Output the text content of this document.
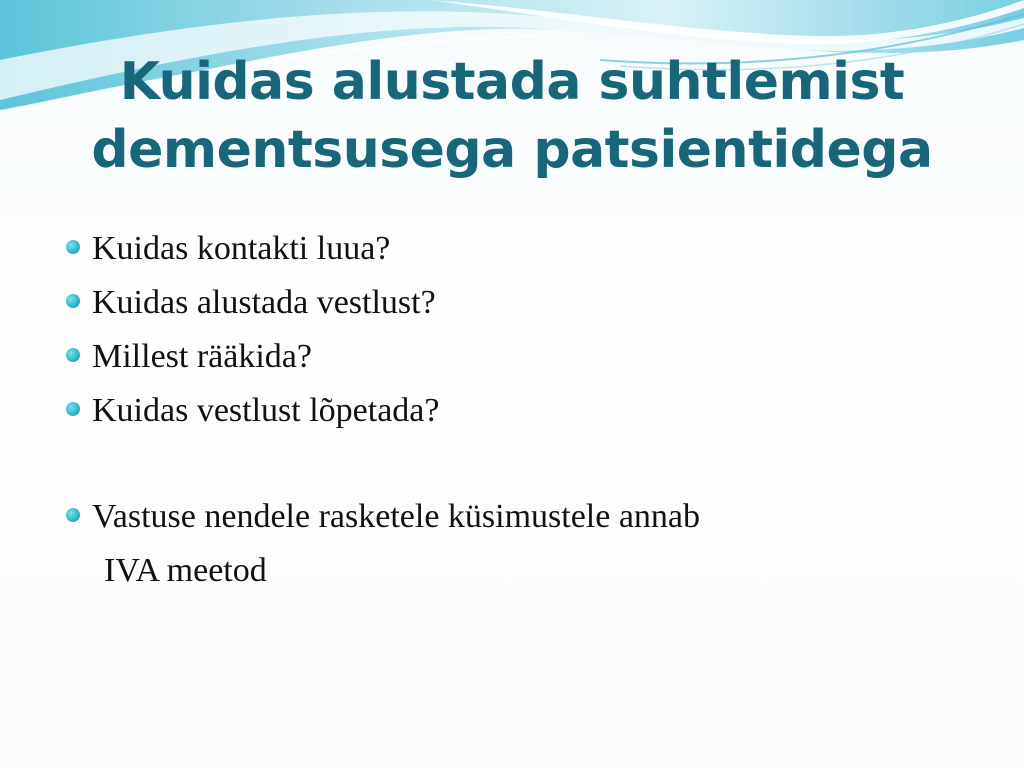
Kuidas alustada suhtlemist
dementsusega patsientidega
Kuidas kontakti luua?
Kuidas alustada vestlust?
Millest rääkida?
Kuidas vestlust lõpetada?
Vastuse nendele rasketele küsimustele annab
IVA meetod
